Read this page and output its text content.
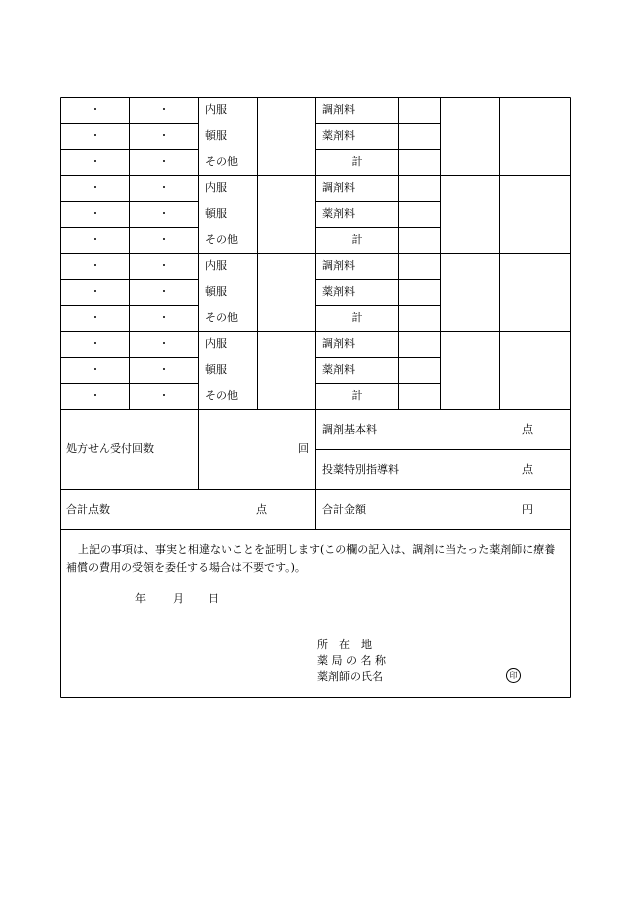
・	・	内服	調剤料
・	・	頓服	薬剤料
・	・	その他	計
・	・	内服	調剤料
・	・	頓服	薬剤料
・	・	その他	計
・	・	内服	調剤料
・	・	頓服	薬剤料
・	・	その他	計
・	・	内服	調剤料
・	・	頓服	薬剤料
・	・	その他	計
処方せん受付回数	回
調剤基本料	点
投薬特別指導料	点
合計点数	点	合計金額	円
上記の事項は、事実と相違ないことを証明します(この欄の記入は、調剤に当たった薬剤師に療養補償の費用の受領を委任する場合は不要です。)。
年 月 日
所　在　地
薬 局 の 名 称
薬剤師の氏名	印
